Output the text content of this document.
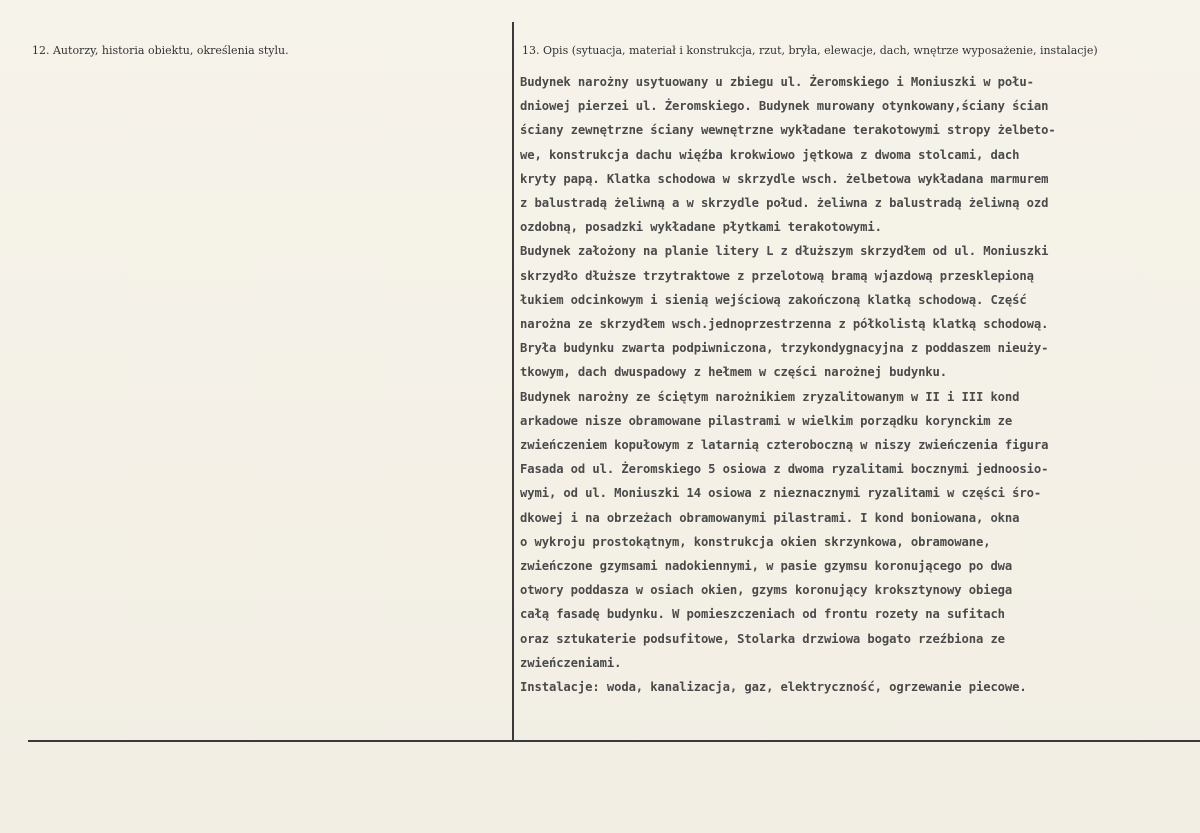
12. Autorzy, historia obiektu, określenia stylu.	13. Opis (sytuacja, materiał i konstrukcja, rzut, bryła, elewacje, dach, wnętrze wyposażenie, instalacje)
Budynek narożny usytuowany u zbiegu ul. Żeromskiego i Moniuszki w połu-
dniowej pierzei ul. Żeromskiego. Budynek murowany otynkowany,ściany ścian
ściany zewnętrzne ściany wewnętrzne wykładane terakotowymi stropy żelbeto-
we, konstrukcja dachu więźba krokwiowo jętkowa z dwoma stolcami, dach
kryty papą. Klatka schodowa w skrzydle wsch. żelbetowa wykładana marmurem
z balustradą żeliwną a w skrzydle połud. żeliwna z balustradą żeliwną ozd
ozdobną, posadzki wykładane płytkami terakotowymi.
Budynek założony na planie litery L z dłuższym skrzydłem od ul. Moniuszki
skrzydło dłuższe trzytraktowe z przelotową bramą wjazdową przesklepioną
łukiem odcinkowym i sienią wejściową zakończoną klatką schodową. Część
narożna ze skrzydłem wsch.jednoprzestrzenna z półkolistą klatką schodową.
Bryła budynku zwarta podpiwniczona, trzykondygnacyjna z poddaszem nieuży-
tkowym, dach dwuspadowy z hełmem w części narożnej budynku.
Budynek narożny ze ściętym narożnikiem zryzalitowanym w II i III kond
arkadowe nisze obramowane pilastrami w wielkim porządku korynckim ze
zwieńczeniem kopułowym z latarnią czteroboczną w niszy zwieńczenia figura
Fasada od ul. Żeromskiego 5 osiowa z dwoma ryzalitami bocznymi jednoosio-
wymi, od ul. Moniuszki 14 osiowa z nieznacznymi ryzalitami w części śro-
dkowej i na obrzeżach obramowanymi pilastrami. I kond boniowana, okna
o wykroju prostokątnym, konstrukcja okien skrzynkowa, obramowane,
zwieńczone gzymsami nadokiennymi, w pasie gzymsu koronującego po dwa
otwory poddasza w osiach okien, gzyms koronujący kroksztynowy obiega
całą fasadę budynku. W pomieszczeniach od frontu rozety na sufitach
oraz sztukaterie podsufitowe, Stolarka drzwiowa bogato rzeźbiona ze
zwieńczeniami.
Instalacje: woda, kanalizacja, gaz, elektryczność, ogrzewanie piecowe.
